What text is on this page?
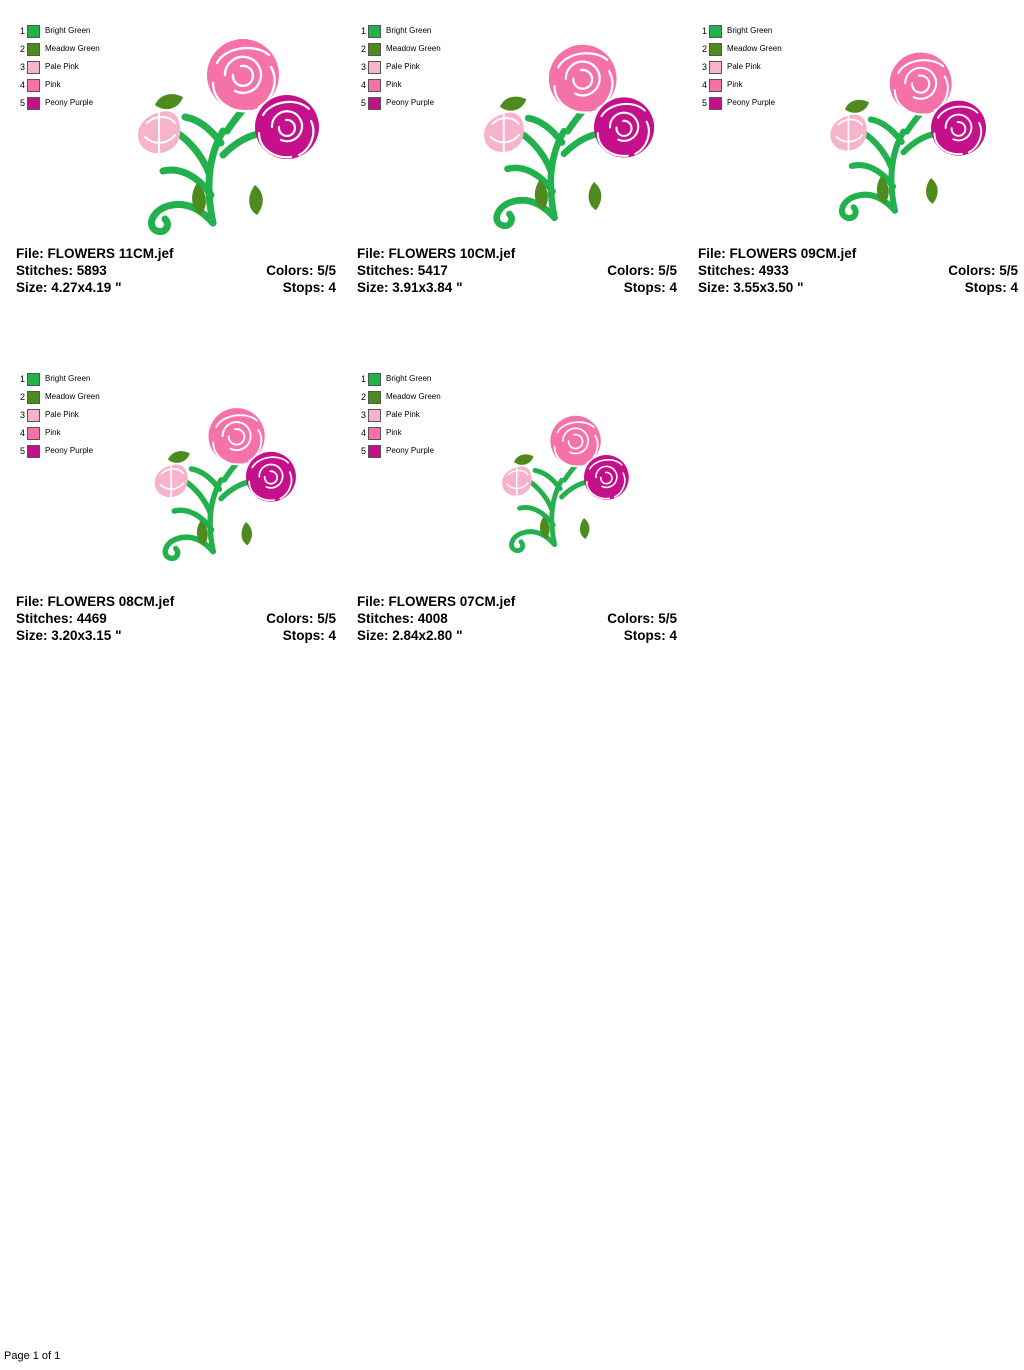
1	Bright Green
2	Meadow Green
3	Pale Pink
4	Pink
5	Peony Purple
File: FLOWERS 11CM.jef
Stitches: 5893	Colors: 5/5
Size: 4.27x4.19 "	Stops: 4
1	Bright Green
2	Meadow Green
3	Pale Pink
4	Pink
5	Peony Purple
File: FLOWERS 10CM.jef
Stitches: 5417	Colors: 5/5
Size: 3.91x3.84 "	Stops: 4
1	Bright Green
2	Meadow Green
3	Pale Pink
4	Pink
5	Peony Purple
File: FLOWERS 09CM.jef
Stitches: 4933	Colors: 5/5
Size: 3.55x3.50 "	Stops: 4
1	Bright Green
2	Meadow Green
3	Pale Pink
4	Pink
5	Peony Purple
File: FLOWERS 08CM.jef
Stitches: 4469	Colors: 5/5
Size: 3.20x3.15 "	Stops: 4
1	Bright Green
2	Meadow Green
3	Pale Pink
4	Pink
5	Peony Purple
File: FLOWERS 07CM.jef
Stitches: 4008	Colors: 5/5
Size: 2.84x2.80 "	Stops: 4
Page 1 of 1
